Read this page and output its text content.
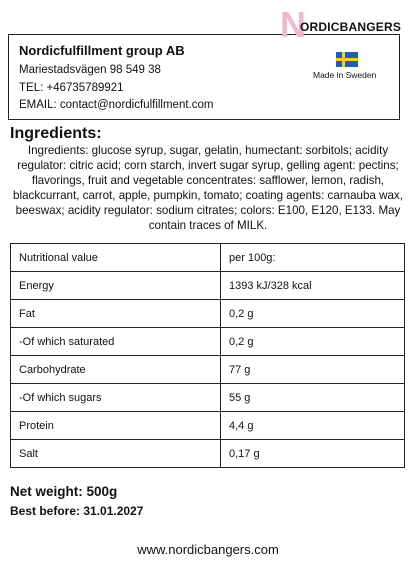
Nordicfulfillment group AB
Mariestadsvägen 98 549 38
TEL: +46735789921
EMAIL: contact@nordicfulfillment.com
N
ORDICBANGERS
Made in Sweden
Ingredients:
Ingredients: glucose syrup, sugar, gelatin, humectant: sorbitols; acidity regulator: citric acid; corn starch, invert sugar syrup, gelling agent: pectins; flavorings, fruit and vegetable concentrates: safflower, lemon, radish, blackcurrant, carrot, apple, pumpkin, tomato; coating agents: carnauba wax, beeswax; acidity regulator: sodium citrates; colors: E100, E120, E133. May contain traces of MILK.
Nutritional value	per 100g:
Energy	1393 kJ/328 kcal
Fat	0,2 g
-Of which saturated	0,2 g
Carbohydrate	77 g
-Of which sugars	55 g
Protein	4,4 g
Salt	0,17 g
Net weight: 500g
Best before: 31.01.2027
www.nordicbangers.com
